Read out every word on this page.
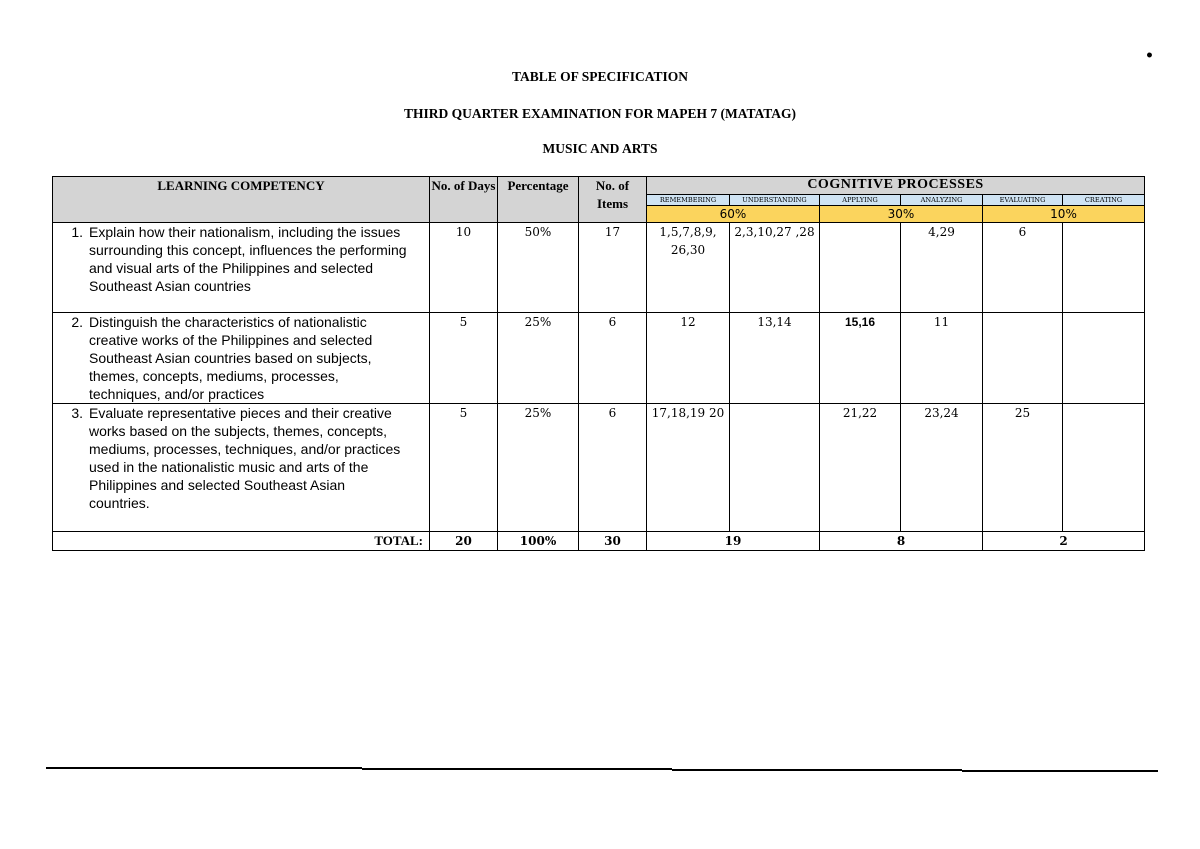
•
TABLE OF SPECIFICATION
THIRD QUARTER EXAMINATION FOR MAPEH 7 (MATATAG)
MUSIC AND ARTS
LEARNING COMPETENCY	No. of Days	Percentage	No. of Items	COGNITIVE PROCESSES					
				REMEMBERING	UNDERSTANDING	APPLYING	ANALYZING	EVALUATING	CREATING
				60%		30%		10%	
1. Explain how their nationalism, including the issues surrounding this concept, influences the performing and visual arts of the Philippines and selected Southeast Asian countries	10	50%	17	1,5,7,8,9, 26,30	2,3,10,27 ,28		4,29	6	
2. Distinguish the characteristics of nationalistic creative works of the Philippines and selected Southeast Asian countries based on subjects, themes, concepts, mediums, processes, techniques, and/or practices	5	25%	6	12	13,14	15,16	11		
3. Evaluate representative pieces and their creative works based on the subjects, themes, concepts, mediums, processes, techniques, and/or practices used in the nationalistic music and arts of the Philippines and selected Southeast Asian countries.	5	25%	6	17,18,19 20		21,22	23,24	25	
TOTAL:	20	100%	30	19		8		2	
